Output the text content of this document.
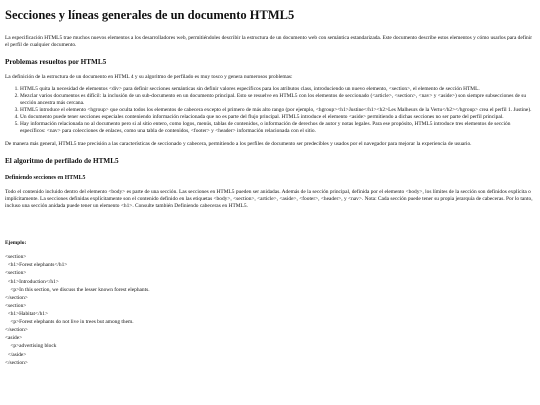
Secciones y líneas generales de un documento HTML5

La especificación HTML5 trae muchos nuevos elementos a los desarrolladores web, permitiéndoles describir la estructura de un documento web con semántica estandarizada. Este documento describe estos elementos y cómo usarlos para definir el perfil de cualquier documento.

Problemas resueltos por HTML5

La definición de la estructura de un documento en HTML 4 y su algoritmo de perfilado es muy tosco y genera numerosos problemas:

1. HTML5 quita la necesidad de elementos <div> para definir secciones semánticas sin definir valores específicos para los atributos class, introduciendo un nuevo elemento, <section>, el elemento de sección HTML.
2. Mezclar varios documentos es difícil: la inclusión de un sub-documento en un documento principal. Esto se resuelve en HTML5 con los elementos de seccionado (<article>, <section>, <nav> y <aside>) son siempre subsecciones de su sección ancestra más cercana.
3. HTML5 introduce el elemento <hgroup> que oculta todos los elementos de cabecera excepto el primero de más alto rango (por ejemplo, <hgroup><h1>Justine</h1><h2>Les Malheurs de la Vertu</h2></hgroup> crea el perfil 1. Justine).
4. Un documento puede tener secciones especiales conteniendo información relacionada que no es parte del flujo principal. HTML5 introduce el elemento <aside> permitiendo a dichas secciones no ser parte del perfil principal.
5. Hay información relacionada no al documento pero si al sitio entero, como logos, menús, tablas de contenidos, o información de derechos de autor y notas legales. Para ese propósito, HTML5 introduce tres elementos de sección específicos: <nav> para colecciones de enlaces, como una tabla de contenidos, <footer> y <header> información relacionada con el sitio.

De manera más general, HTML5 trae precisión a las características de seccionado y cabecera, permitiendo a los perfiles de documento ser predecibles y usados por el navegador para mejorar la experiencia de usuario.

El algoritmo de perfilado de HTML5
Definiendo secciones en HTML5

Todo el contenido incluido dentro del elemento <body> es parte de una sección. Las secciones en HTML5 pueden ser anidadas. Además de la sección principal, definida por el elemento <body>, los límites de la sección son definidos explícita o implícitamente. La secciones definidas explícitamente son el contenido definido en las etiquetas <body>, <section>, <article>, <aside>, <footer>, <header>, y <nav>. Nota: Cada sección puede tener su propia jerarquía de cabeceras. Por lo tanto, incluso una sección anidada puede tener un elemento <h1>. Consulte también Definiendo cabeceras en HTML5.

Ejemplo:
<section>
<h1>Forest elephants</h1>
<section>
<h1>Introduction</h1>
<p>In this section, we discuss the lesser known forest elephants.
</section>
<section>
<h1>Habitat</h1>
<p>Forest elephants do not live in trees but among them.
</section>
<aside>
<p>advertising block
</aside>
</section>
